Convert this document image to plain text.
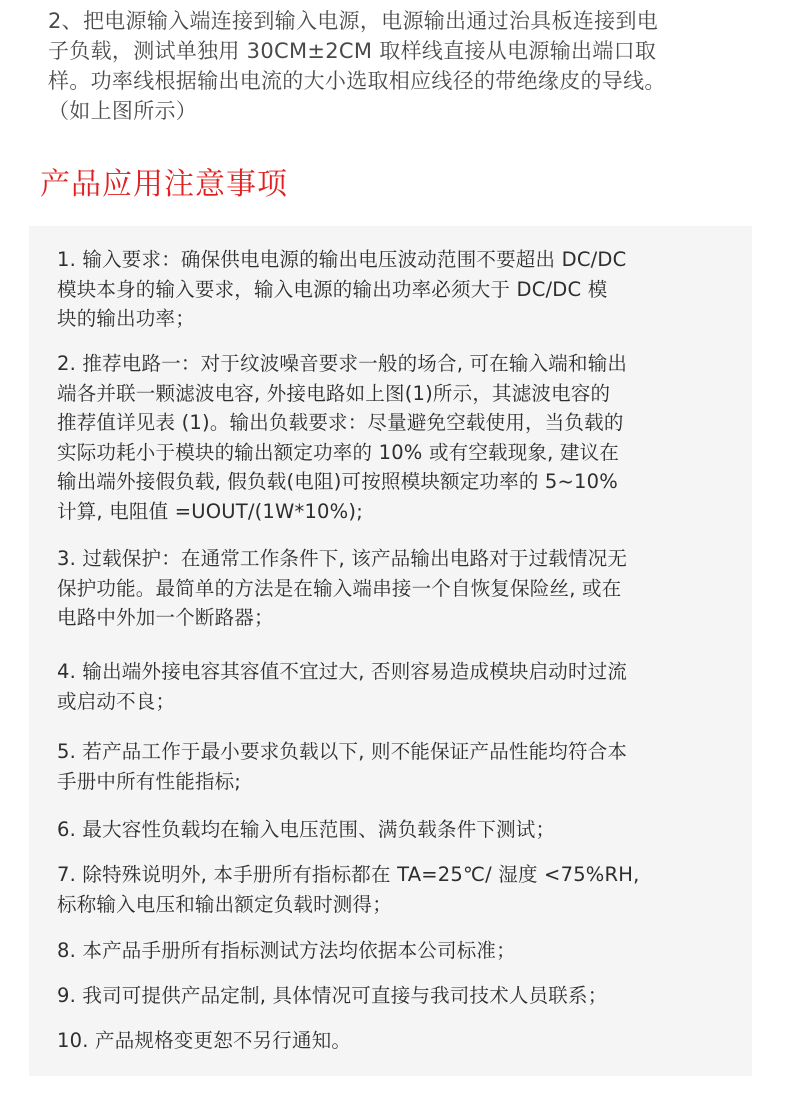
2、把电源输入端连接到输入电源，电源输出通过治具板连接到电
子负载，测试单独用 30CM±2CM 取样线直接从电源输出端口取
样。功率线根据输出电流的大小选取相应线径的带绝缘皮的导线。
（如上图所示）
产品应用注意事项
1. 输入要求：确保供电电源的输出电压波动范围不要超出 DC/DC
模块本身的输入要求，输入电源的输出功率必须大于 DC/DC 模
块的输出功率；
2. 推荐电路一：对于纹波噪音要求一般的场合, 可在输入端和输出
端各并联一颗滤波电容, 外接电路如上图(1)所示，其滤波电容的
推荐值详见表 (1)。输出负载要求：尽量避免空载使用，当负载的
实际功耗小于模块的输出额定功率的 10% 或有空载现象, 建议在
输出端外接假负载, 假负载(电阻)可按照模块额定功率的 5~10%
计算, 电阻值 =UOUT/(1W*10%);
3. 过载保护：在通常工作条件下, 该产品输出电路对于过载情况无
保护功能。最简单的方法是在输入端串接一个自恢复保险丝, 或在
电路中外加一个断路器；
4. 输出端外接电容其容值不宜过大, 否则容易造成模块启动时过流
或启动不良；
5. 若产品工作于最小要求负载以下, 则不能保证产品性能均符合本
手册中所有性能指标;
6. 最大容性负载均在输入电压范围、满负载条件下测试；
7. 除特殊说明外, 本手册所有指标都在 TA=25℃/ 湿度 <75%RH,
标称输入电压和输出额定负载时测得；
8. 本产品手册所有指标测试方法均依据本公司标准；
9. 我司可提供产品定制, 具体情况可直接与我司技术人员联系；
10. 产品规格变更恕不另行通知。
